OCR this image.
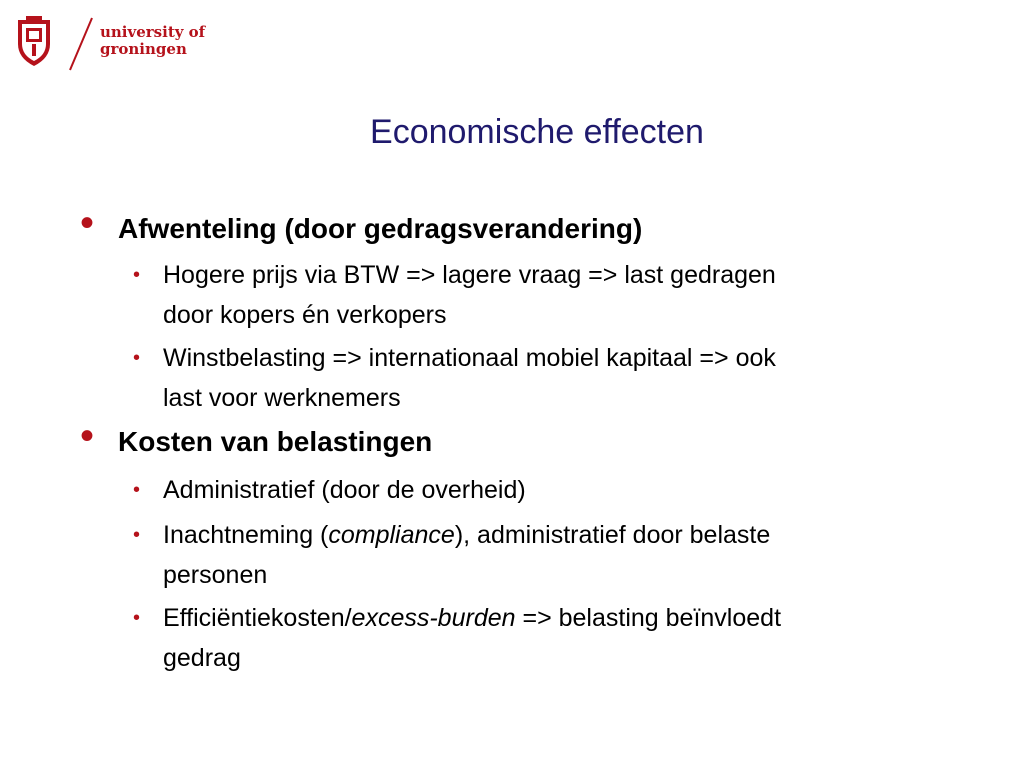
university of
groningen
Economische effecten
• Afwenteling (door gedragsverandering)
• Hogere prijs via BTW => lagere vraag => last gedragen
door kopers én verkopers
• Winstbelasting => internationaal mobiel kapitaal => ook
last voor werknemers
• Kosten van belastingen
• Administratief (door de overheid)
• Inachtneming (compliance), administratief door belaste
personen
• Efficiëntiekosten/excess-burden => belasting beïnvloedt
gedrag
